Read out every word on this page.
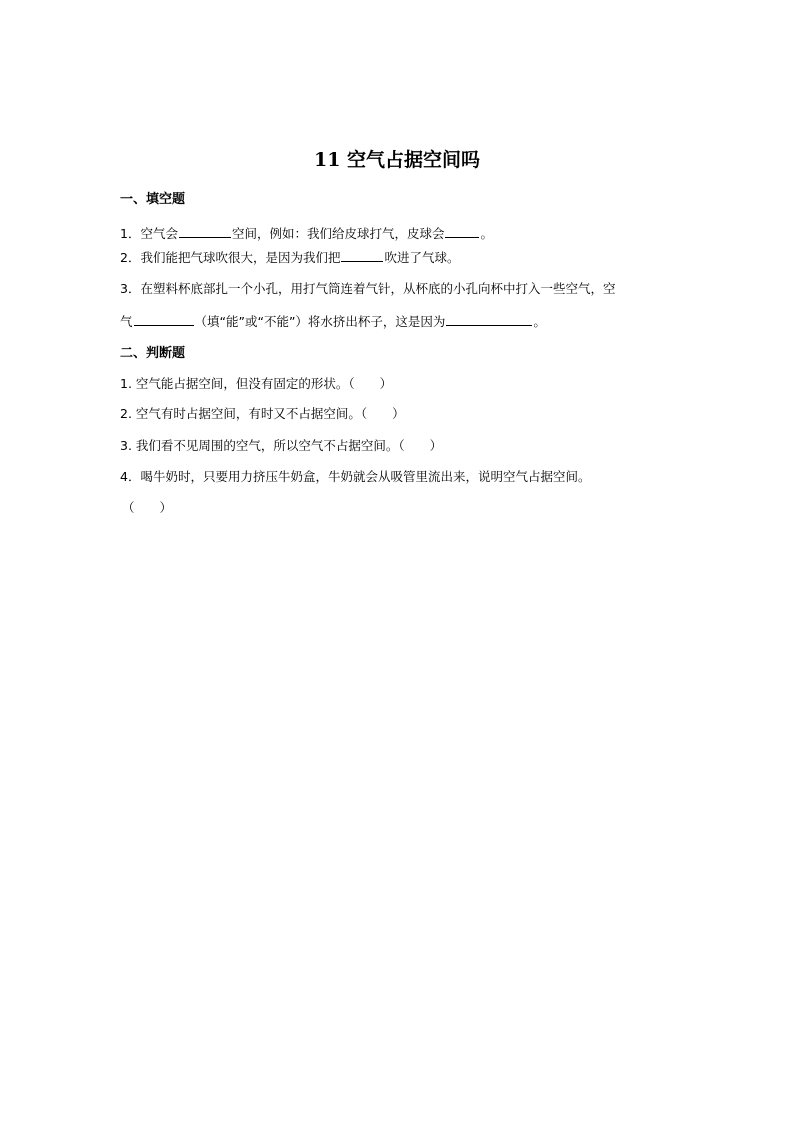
11 空气占据空间吗
一、填空题
1．空气会	空间，例如：我们给皮球打气，皮球会	。
2．我们能把气球吹很大，是因为我们把	吹进了气球。
3．在塑料杯底部扎一个小孔，用打气筒连着气针，从杯底的小孔向杯中打入一些空气，空
气	（填“能”或“不能”）将水挤出杯子，这是因为	。
二、判断题
1. 空气能占据空间，但没有固定的形状。（　　）
2. 空气有时占据空间，有时又不占据空间。（　　）
3. 我们看不见周围的空气，所以空气不占据空间。（　　）
4．喝牛奶时，只要用力挤压牛奶盒，牛奶就会从吸管里流出来，说明空气占据空间。
（　　）
